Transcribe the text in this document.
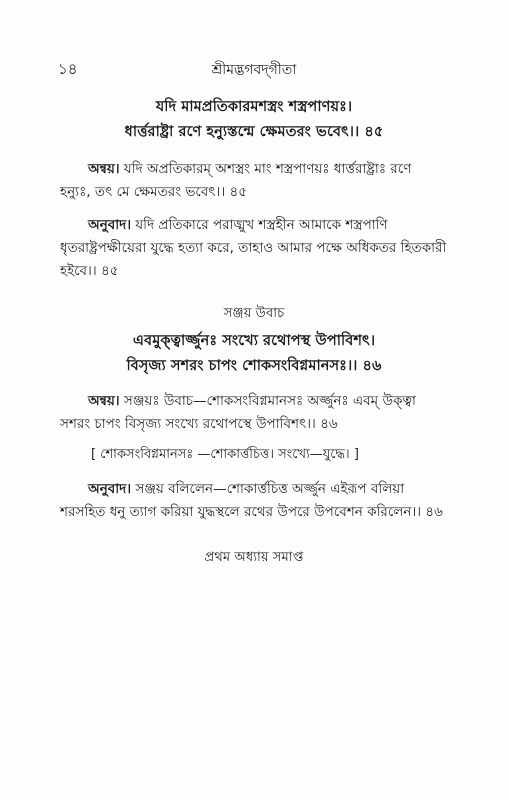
১৪	শ্রীমদ্ভগবদ্‌গীতা
যদি মামপ্রতিকারমশস্ত্রং শস্ত্রপাণয়ঃ।
ধার্ত্তরাষ্ট্রা রণে হন্যুস্তন্মে ক্ষেমতরং ভবেৎ।। ৪৫
অন্বয়। যদি অপ্রতিকারম্‌ অশস্ত্রং মাং শস্ত্রপাণয়ঃ ধার্ত্তরাষ্ট্রাঃ রণে
হন্যুঃ, তৎ মে ক্ষেমতরং ভবেৎ।। ৪৫
অনুবাদ। যদি প্রতিকারে পরাঙ্মুখ শস্ত্রহীন আমাকে শস্ত্রপাণি
ধৃতরাষ্ট্রপক্ষীয়েরা যুদ্ধে হত্যা করে, তাহাও আমার পক্ষে অধিকতর হিতকারী
হইবে।। ৪৫
সঞ্জয় উবাচ
এবমুক্ত্বার্জ্জুনঃ সংখ্যে রথোপস্থ উপাবিশৎ।
বিসৃজ্য সশরং চাপং শোকসংবিগ্নমানসঃ।। ৪৬
অন্বয়। সঞ্জয়ঃ উবাচ—শোকসংবিগ্নমানসঃ অর্জ্জুনঃ এবম্‌ উক্ত্বা
সশরং চাপং বিসৃজ্য সংখ্যে রথোপস্থে উপাবিশৎ।। ৪৬
[ শোকসংবিগ্নমানসঃ —শোকার্ত্তচিত্ত। সংখ্যে—যুদ্ধে। ]
অনুবাদ। সঞ্জয় বলিলেন—শোকার্ত্তচিত্ত অর্জ্জুন এইরূপ বলিয়া
শরসহিত ধনু ত্যাগ করিয়া যুদ্ধস্থলে রথের উপরে উপবেশন করিলেন।। ৪৬
প্রথম অধ্যায় সমাপ্ত
